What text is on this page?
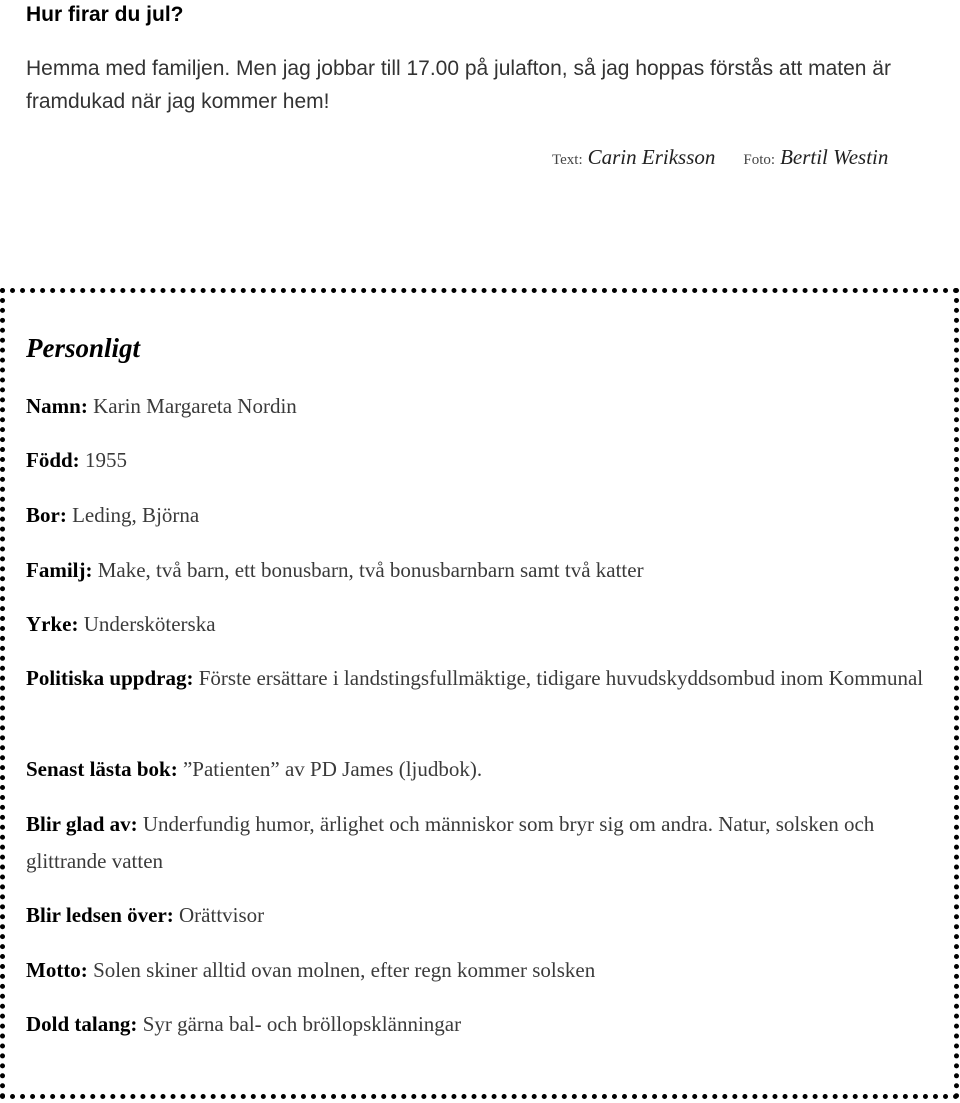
Hur firar du jul?

Hemma med familjen. Men jag jobbar till 17.00 på julafton, så jag hoppas förstås att maten är framdukad när jag kommer hem!

Text: Carin Eriksson Foto: Bertil Westin
Personligt

Namn: Karin Margareta Nordin

Född: 1955

Bor: Leding, Björna

Familj: Make, två barn, ett bonusbarn, två bonusbarnbarn samt två katter

Yrke: Undersköterska

Politiska uppdrag: Förste ersättare i landstingsfullmäktige, tidigare huvudskyddsombud inom Kommunal

Senast lästa bok: ”Patienten” av PD James (ljudbok).

Blir glad av: Underfundig humor, ärlighet och människor som bryr sig om andra. Natur, solsken och glittrande vatten

Blir ledsen över: Orättvisor

Motto: Solen skiner alltid ovan molnen, efter regn kommer solsken

Dold talang: Syr gärna bal- och bröllopsklänningar
